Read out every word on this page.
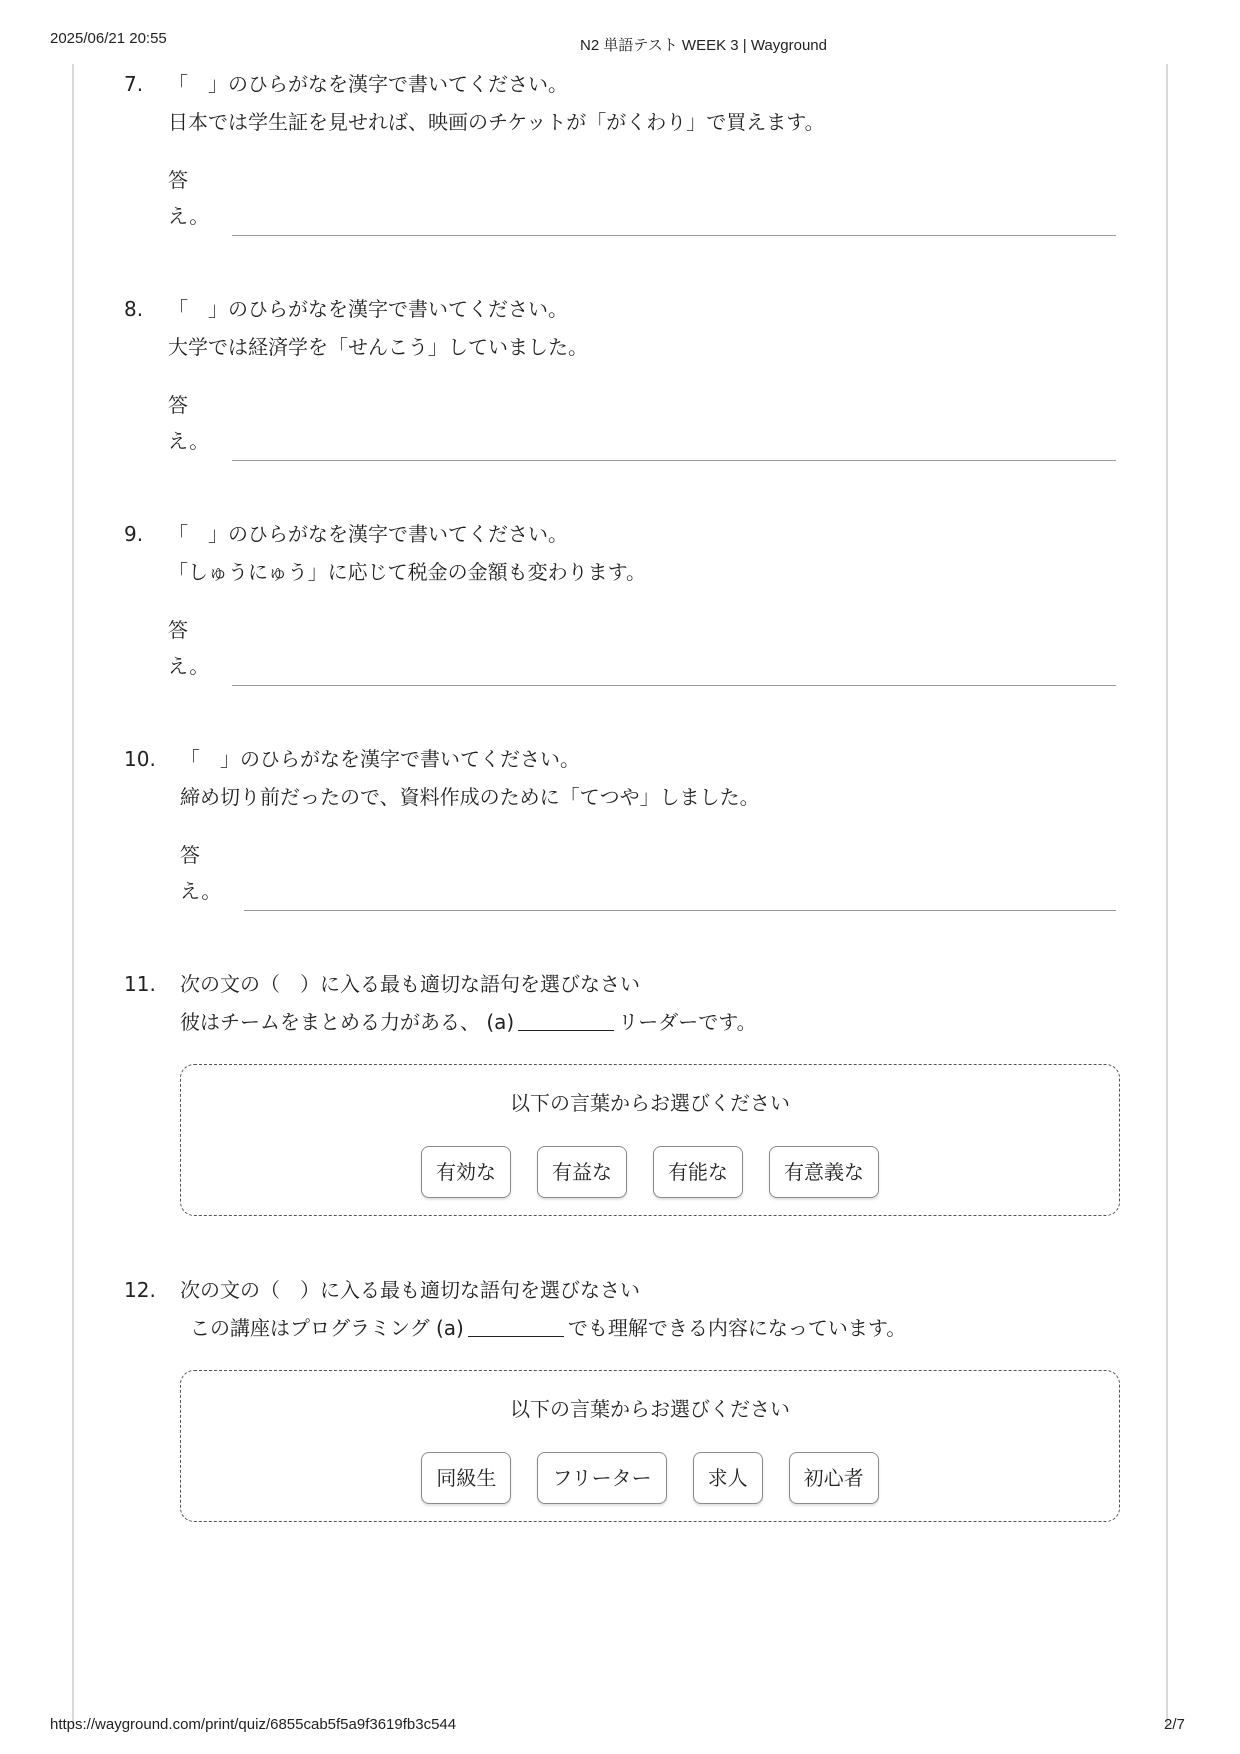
2025/06/21 20:55	N2 単語テスト WEEK 3 | Wayground
7. 「　」のひらがなを漢字で書いてください。
日本では学生証を見せれば、映画のチケットが「がくわり」で買えます。
答
え。
8. 「　」のひらがなを漢字で書いてください。
大学では経済学を「せんこう」していました。
答
え。
9. 「　」のひらがなを漢字で書いてください。
「しゅうにゅう」に応じて税金の金額も変わります。
答
え。
10. 「　」のひらがなを漢字で書いてください。
締め切り前だったので、資料作成のために「てつや」しました。
答
え。
11. 次の文の（　）に入る最も適切な語句を選びなさい
彼はチームをまとめる力がある、 (a)	リーダーです。
以下の言葉からお選びください
有効な	有益な	有能な	有意義な
12. 次の文の（　）に入る最も適切な語句を選びなさい
この講座はプログラミング (a)	でも理解できる内容になっています。
以下の言葉からお選びください
同級生	フリーター	求人	初心者
https://wayground.com/print/quiz/6855cab5f5a9f3619fb3c544	2/7
